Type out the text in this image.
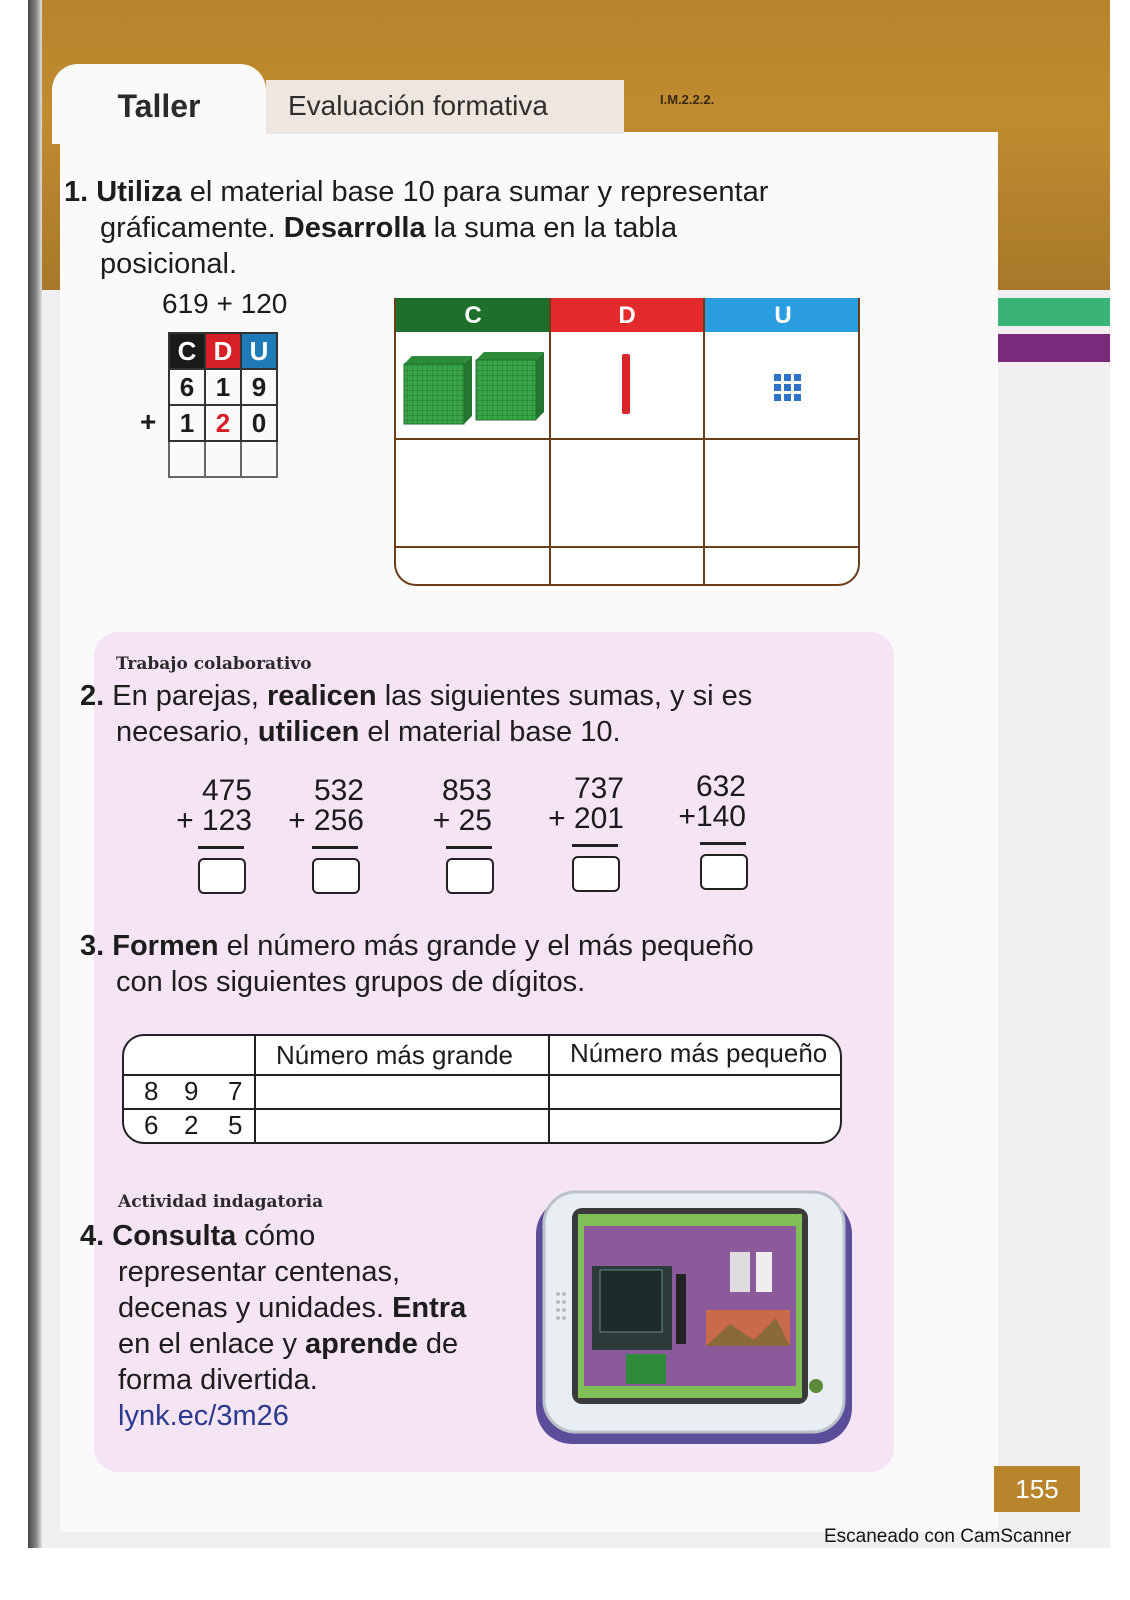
155
Taller	Evaluación formativa	I.M.2.2.2.
1. Utiliza el material base 10 para sumar y representar
gráficamente. Desarrolla la suma en la tabla
posicional.
619 + 120
C	D	U
6	1	9
1	2	0

+
C	D	U
Trabajo colaborativo
2. En parejas, realicen las siguientes sumas, y si es
necesario, utilicen el material base 10.
475
+ 123
532
+ 256
853
+ 25
737
+ 201
632
+140
3. Formen el número más grande y el más pequeño
con los siguientes grupos de dígitos.
Número más grande Número más pequeño
8 9 7
6 2 5
Actividad indagatoria
4. Consulta cómo
representar centenas,
decenas y unidades. Entra
en el enlace y aprende de
forma divertida.
lynk.ec/3m26
Escaneado con CamScanner
